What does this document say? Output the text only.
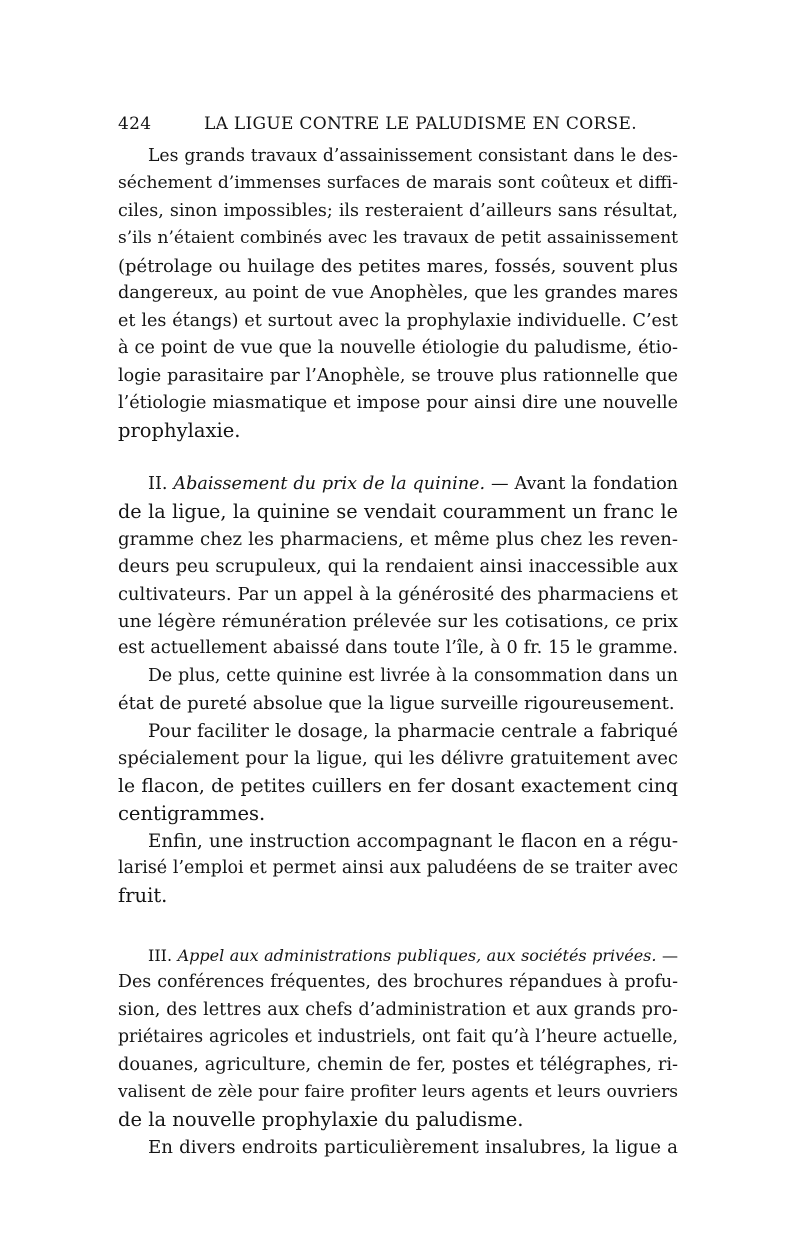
424	LA LIGUE CONTRE LE PALUDISME EN CORSE.
Les grands travaux d’assainissement consistant dans le des-
séchement d’immenses surfaces de marais sont coûteux et diffi-
ciles, sinon impossibles; ils resteraient d’ailleurs sans résultat,
s’ils n’étaient combinés avec les travaux de petit assainissement
(pétrolage ou huilage des petites mares, fossés, souvent plus
dangereux, au point de vue Anophèles, que les grandes mares
et les étangs) et surtout avec la prophylaxie individuelle. C’est
à ce point de vue que la nouvelle étiologie du paludisme, étio-
logie parasitaire par l’Anophèle, se trouve plus rationnelle que
l’étiologie miasmatique et impose pour ainsi dire une nouvelle
prophylaxie.
II. Abaissement du prix de la quinine. — Avant la fondation
de la ligue, la quinine se vendait couramment un franc le
gramme chez les pharmaciens, et même plus chez les reven-
deurs peu scrupuleux, qui la rendaient ainsi inaccessible aux
cultivateurs. Par un appel à la générosité des pharmaciens et
une légère rémunération prélevée sur les cotisations, ce prix
est actuellement abaissé dans toute l’île, à 0 fr. 15 le gramme.
De plus, cette quinine est livrée à la consommation dans un
état de pureté absolue que la ligue surveille rigoureusement.
Pour faciliter le dosage, la pharmacie centrale a fabriqué
spécialement pour la ligue, qui les délivre gratuitement avec
le flacon, de petites cuillers en fer dosant exactement cinq
centigrammes.
Enfin, une instruction accompagnant le flacon en a régu-
larisé l’emploi et permet ainsi aux paludéens de se traiter avec
fruit.
III. Appel aux administrations publiques, aux sociétés privées. —
Des conférences fréquentes, des brochures répandues à profu-
sion, des lettres aux chefs d’administration et aux grands pro-
priétaires agricoles et industriels, ont fait qu’à l’heure actuelle,
douanes, agriculture, chemin de fer, postes et télégraphes, ri-
valisent de zèle pour faire profiter leurs agents et leurs ouvriers
de la nouvelle prophylaxie du paludisme.
En divers endroits particulièrement insalubres, la ligue a
